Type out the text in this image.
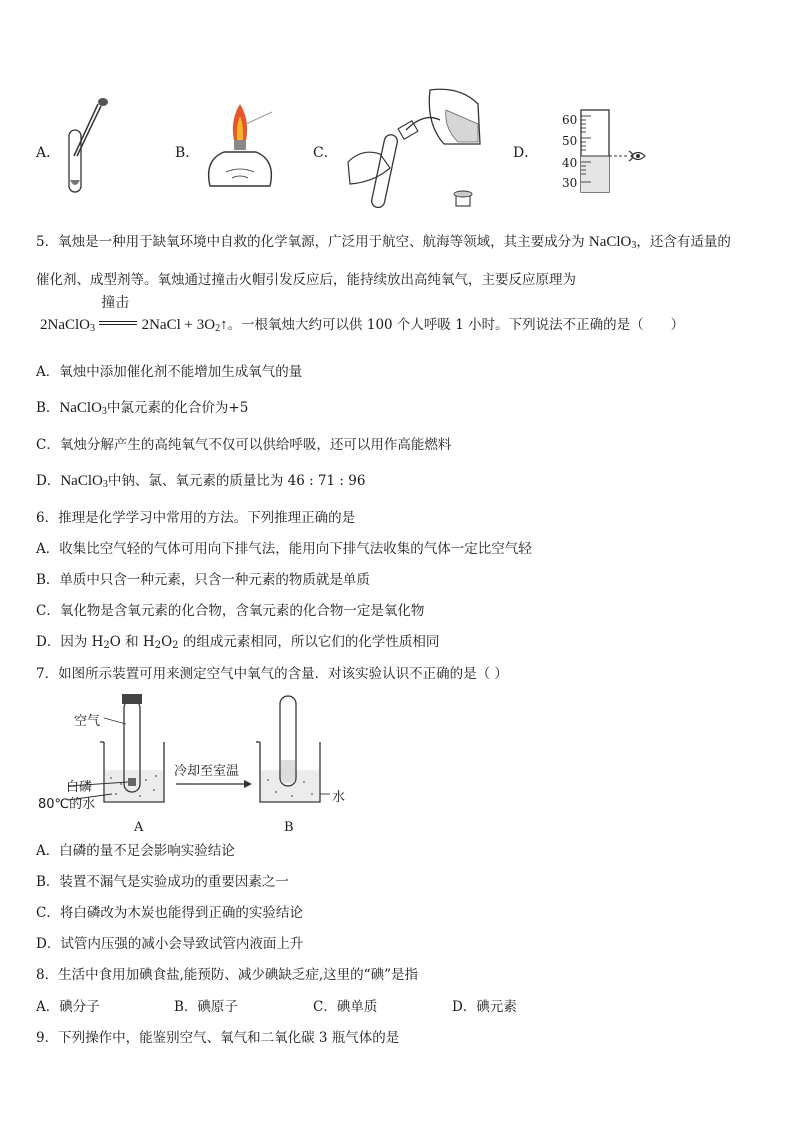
A．	B．	C．	D．
60
50
40
30
5．氧烛是一种用于缺氧环境中自救的化学氧源，广泛用于航空、航海等领域，其主要成分为 NaClO$_3$，还含有适量的
催化剂、成型剂等。氧烛通过撞击火帽引发反应后，能持续放出高纯氧气，主要反应原理为
2NaClO$_3$
撞击
2NaCl + $3O_2↑$。一根氧烛大约可以供 100 个人呼吸 1 小时。下列说法不正确的是（　　）
A．氧烛中添加催化剂不能增加生成氧气的量
B．NaClO$_3$中氯元素的化合价为+5
C．氧烛分解产生的高纯氧气不仅可以供给呼吸，还可以用作高能燃料
D．NaClO$_3$中钠、氯、氧元素的质量比为 46 : 71 : 96
6．推理是化学学习中常用的方法。下列推理正确的是
A．收集比空气轻的气体可用向下排气法，能用向下排气法收集的气体一定比空气轻
B．单质中只含一种元素，只含一种元素的物质就是单质
C．氧化物是含氧元素的化合物，含氧元素的化合物一定是氧化物
D．因为 $H_2O$ 和 $H_2O_2$ 的组成元素相同，所以它们的化学性质相同
7．如图所示装置可用来测定空气中氧气的含量．对该实验认识不正确的是（ ）
空气
白磷
80℃的水
冷却至室温
水
A	B
A．白磷的量不足会影响实验结论
B．装置不漏气是实验成功的重要因素之一
C．将白磷改为木炭也能得到正确的实验结论
D．试管内压强的减小会导致试管内液面上升
8．生活中食用加碘食盐,能预防、减少碘缺乏症,这里的“碘”是指
A．碘分子	B．碘原子	C．碘单质	D．碘元素
9．下列操作中，能鉴别空气、氧气和二氧化碳 3 瓶气体的是
